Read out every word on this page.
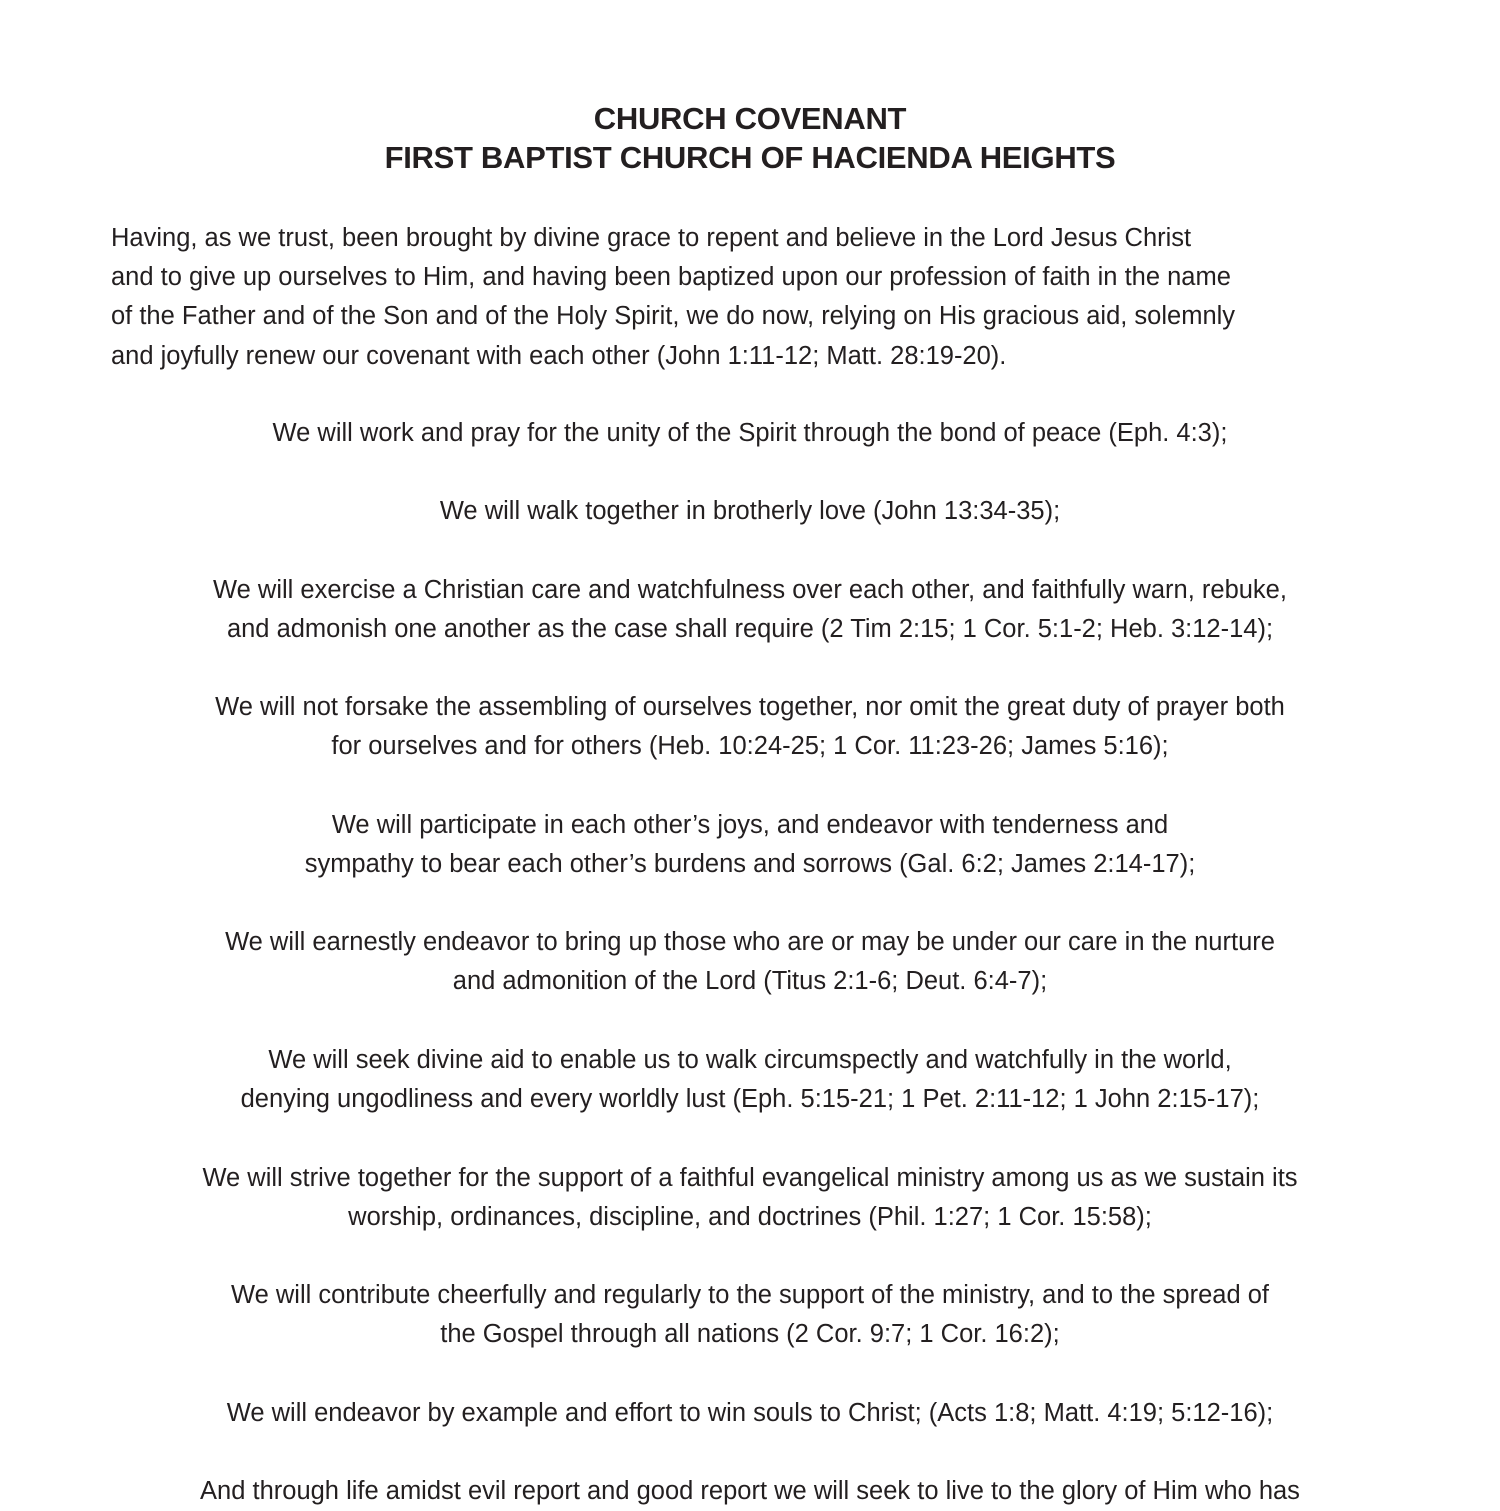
CHURCH COVENANT
FIRST BAPTIST CHURCH OF HACIENDA HEIGHTS
Having, as we trust, been brought by divine grace to repent and believe in the Lord Jesus Christ
and to give up ourselves to Him, and having been baptized upon our profession of faith in the name
of the Father and of the Son and of the Holy Spirit, we do now, relying on His gracious aid, solemnly
and joyfully renew our covenant with each other (John 1:11-12; Matt. 28:19-20).
We will work and pray for the unity of the Spirit through the bond of peace (Eph. 4:3);
We will walk together in brotherly love (John 13:34-35);
We will exercise a Christian care and watchfulness over each other, and faithfully warn, rebuke,
and admonish one another as the case shall require (2 Tim 2:15; 1 Cor. 5:1-2; Heb. 3:12-14);
We will not forsake the assembling of ourselves together, nor omit the great duty of prayer both
for ourselves and for others (Heb. 10:24-25; 1 Cor. 11:23-26; James 5:16);
We will participate in each other’s joys, and endeavor with tenderness and
sympathy to bear each other’s burdens and sorrows (Gal. 6:2; James 2:14-17);
We will earnestly endeavor to bring up those who are or may be under our care in the nurture
and admonition of the Lord (Titus 2:1-6; Deut. 6:4-7);
We will seek divine aid to enable us to walk circumspectly and watchfully in the world,
denying ungodliness and every worldly lust (Eph. 5:15-21; 1 Pet. 2:11-12; 1 John 2:15-17);
We will strive together for the support of a faithful evangelical ministry among us as we sustain its
worship, ordinances, discipline, and doctrines (Phil. 1:27; 1 Cor. 15:58);
We will contribute cheerfully and regularly to the support of the ministry, and to the spread of
the Gospel through all nations (2 Cor. 9:7; 1 Cor. 16:2);
We will endeavor by example and effort to win souls to Christ; (Acts 1:8; Matt. 4:19; 5:12-16);
And through life amidst evil report and good report we will seek to live to the glory of Him who has
